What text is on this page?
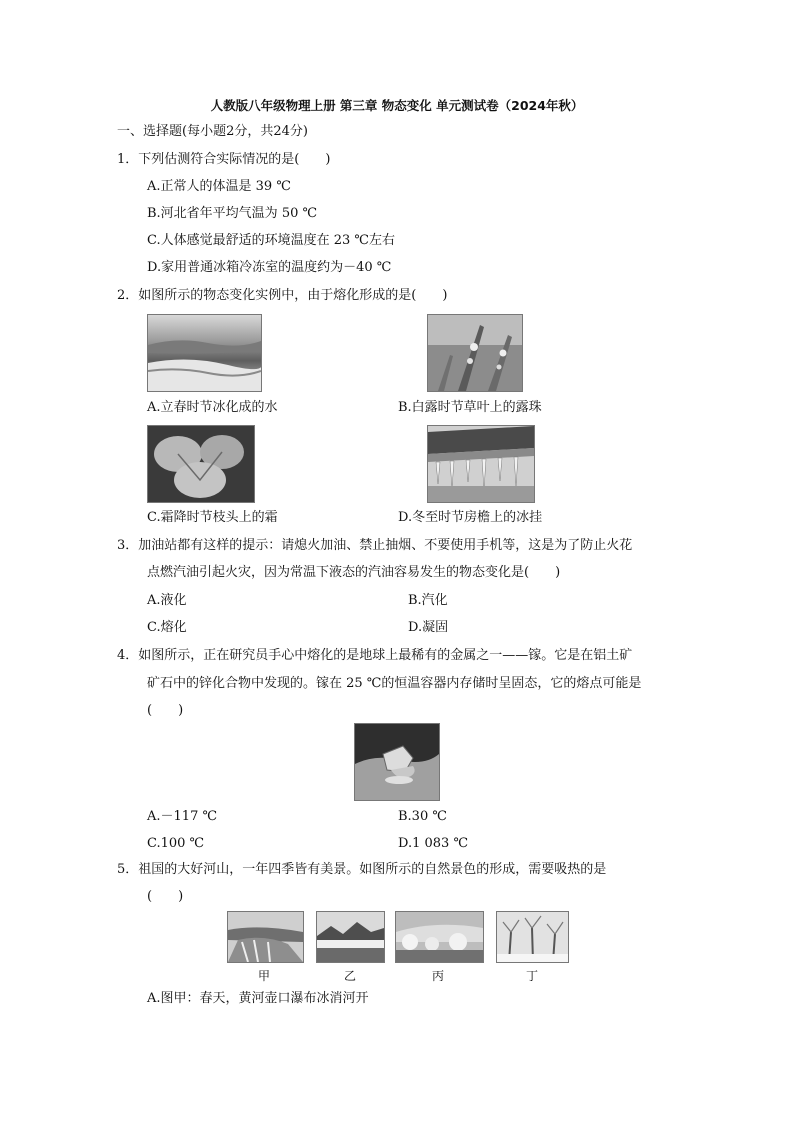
人教版八年级物理上册 第三章 物态变化 单元测试卷（2024年秋）
一、选择题(每小题2分，共24分)
1．下列估测符合实际情况的是(　　)
A.正常人的体温是 39 ℃
B.河北省年平均气温为 50 ℃
C.人体感觉最舒适的环境温度在 23 ℃左右
D.家用普通冰箱冷冻室的温度约为－40 ℃
2．如图所示的物态变化实例中，由于熔化形成的是(　　)
A.立春时节冰化成的水	B.白露时节草叶上的露珠
C.霜降时节枝头上的霜	D.冬至时节房檐上的冰挂
3．加油站都有这样的提示：请熄火加油、禁止抽烟、不要使用手机等，这是为了防止火花
点燃汽油引起火灾，因为常温下液态的汽油容易发生的物态变化是(　　)
A.液化	B.汽化
C.熔化	D.凝固
4．如图所示，正在研究员手心中熔化的是地球上最稀有的金属之一——镓。它是在铝土矿
矿石中的锌化合物中发现的。镓在 25 ℃的恒温容器内存储时呈固态，它的熔点可能是
(　　)
A.－117 ℃	B.30 ℃
C.100 ℃	D.1 083 ℃
5．祖国的大好河山，一年四季皆有美景。如图所示的自然景色的形成，需要吸热的是
(　　)
甲	乙	丙	丁
A.图甲：春天，黄河壶口瀑布冰消河开
